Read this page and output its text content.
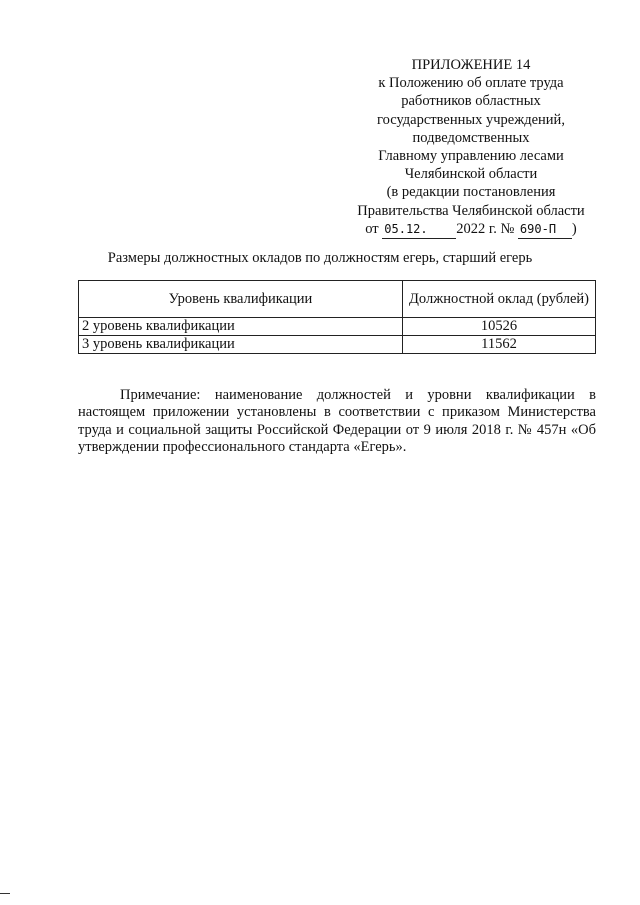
ПРИЛОЖЕНИЕ 14
к Положению об оплате труда
работников областных
государственных учреждений,
подведомственных
Главному управлению лесами
Челябинской области
(в редакции постановления
Правительства Челябинской области
от 05.12. 2022 г. № 690-П )
Размеры должностных окладов по должностям егерь, старший егерь
Уровень квалификации	Должностной оклад (рублей)
2 уровень квалификации	10526
3 уровень квалификации	11562

Примечание: наименование должностей и уровни квалификации в настоящем приложении установлены в соответствии с приказом Министерства труда и социальной защиты Российской Федерации от 9 июля 2018 г. № 457н «Об утверждении профессионального стандарта «Егерь».
